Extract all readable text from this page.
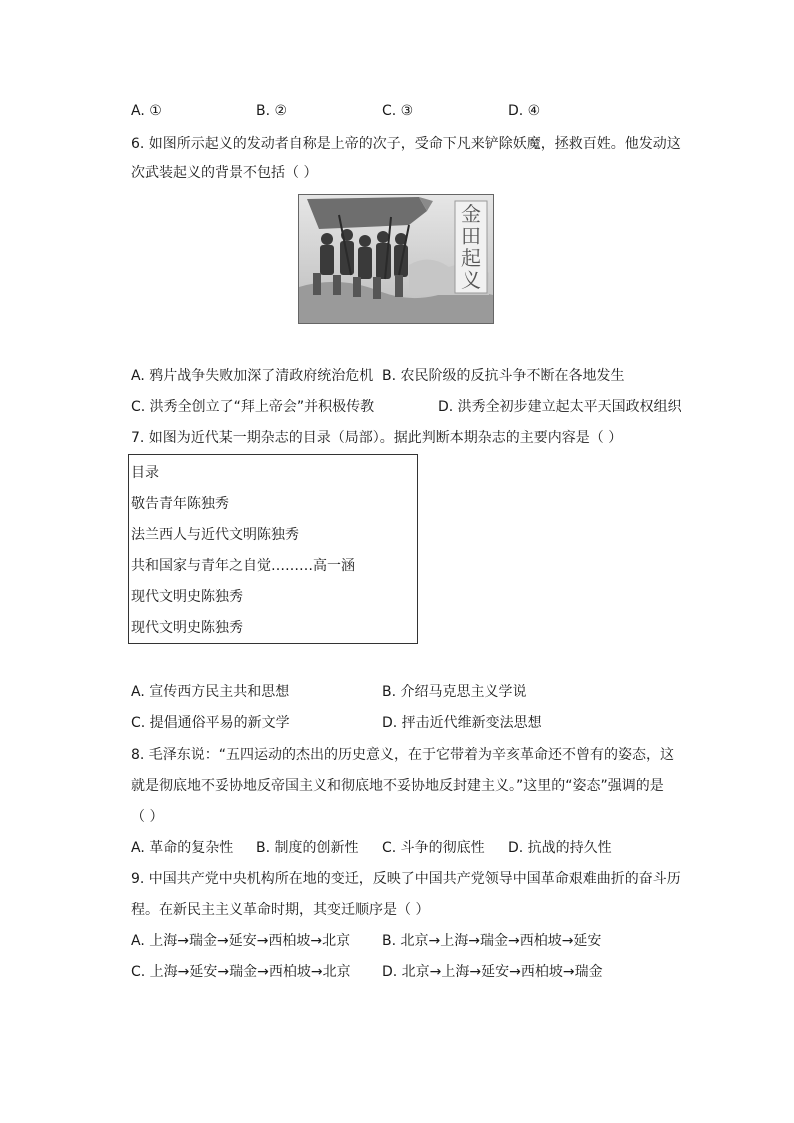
A. ①	B. ②	C. ③	D. ④
6. 如图所示起义的发动者自称是上帝的次子，受命下凡来铲除妖魔，拯救百姓。他发动这
次武装起义的背景不包括（ ）
金田起义
A. 鸦片战争失败加深了清政府统治危机 B. 农民阶级的反抗斗争不断在各地发生
C. 洪秀全创立了“拜上帝会”并积极传教	D. 洪秀全初步建立起太平天国政权组织
7. 如图为近代某一期杂志的目录（局部）。据此判断本期杂志的主要内容是（ ）
目录
敬告青年陈独秀
法兰西人与近代文明陈独秀
共和国家与青年之自觉………高一涵
现代文明史陈独秀
现代文明史陈独秀
A. 宣传西方民主共和思想	B. 介绍马克思主义学说
C. 提倡通俗平易的新文学	D. 抨击近代维新变法思想
8. 毛泽东说：“五四运动的杰出的历史意义，在于它带着为辛亥革命还不曾有的姿态，这
就是彻底地不妥协地反帝国主义和彻底地不妥协地反封建主义。”这里的“姿态”强调的是
（ ）
A. 革命的复杂性 B. 制度的创新性 C. 斗争的彻底性 D. 抗战的持久性
9. 中国共产党中央机构所在地的变迁，反映了中国共产党领导中国革命艰难曲折的奋斗历
程。在新民主主义革命时期，其变迁顺序是（ ）
A. 上海→瑞金→延安→西柏坡→北京 B. 北京→上海→瑞金→西柏坡→延安
C. 上海→延安→瑞金→西柏坡→北京 D. 北京→上海→延安→西柏坡→瑞金
